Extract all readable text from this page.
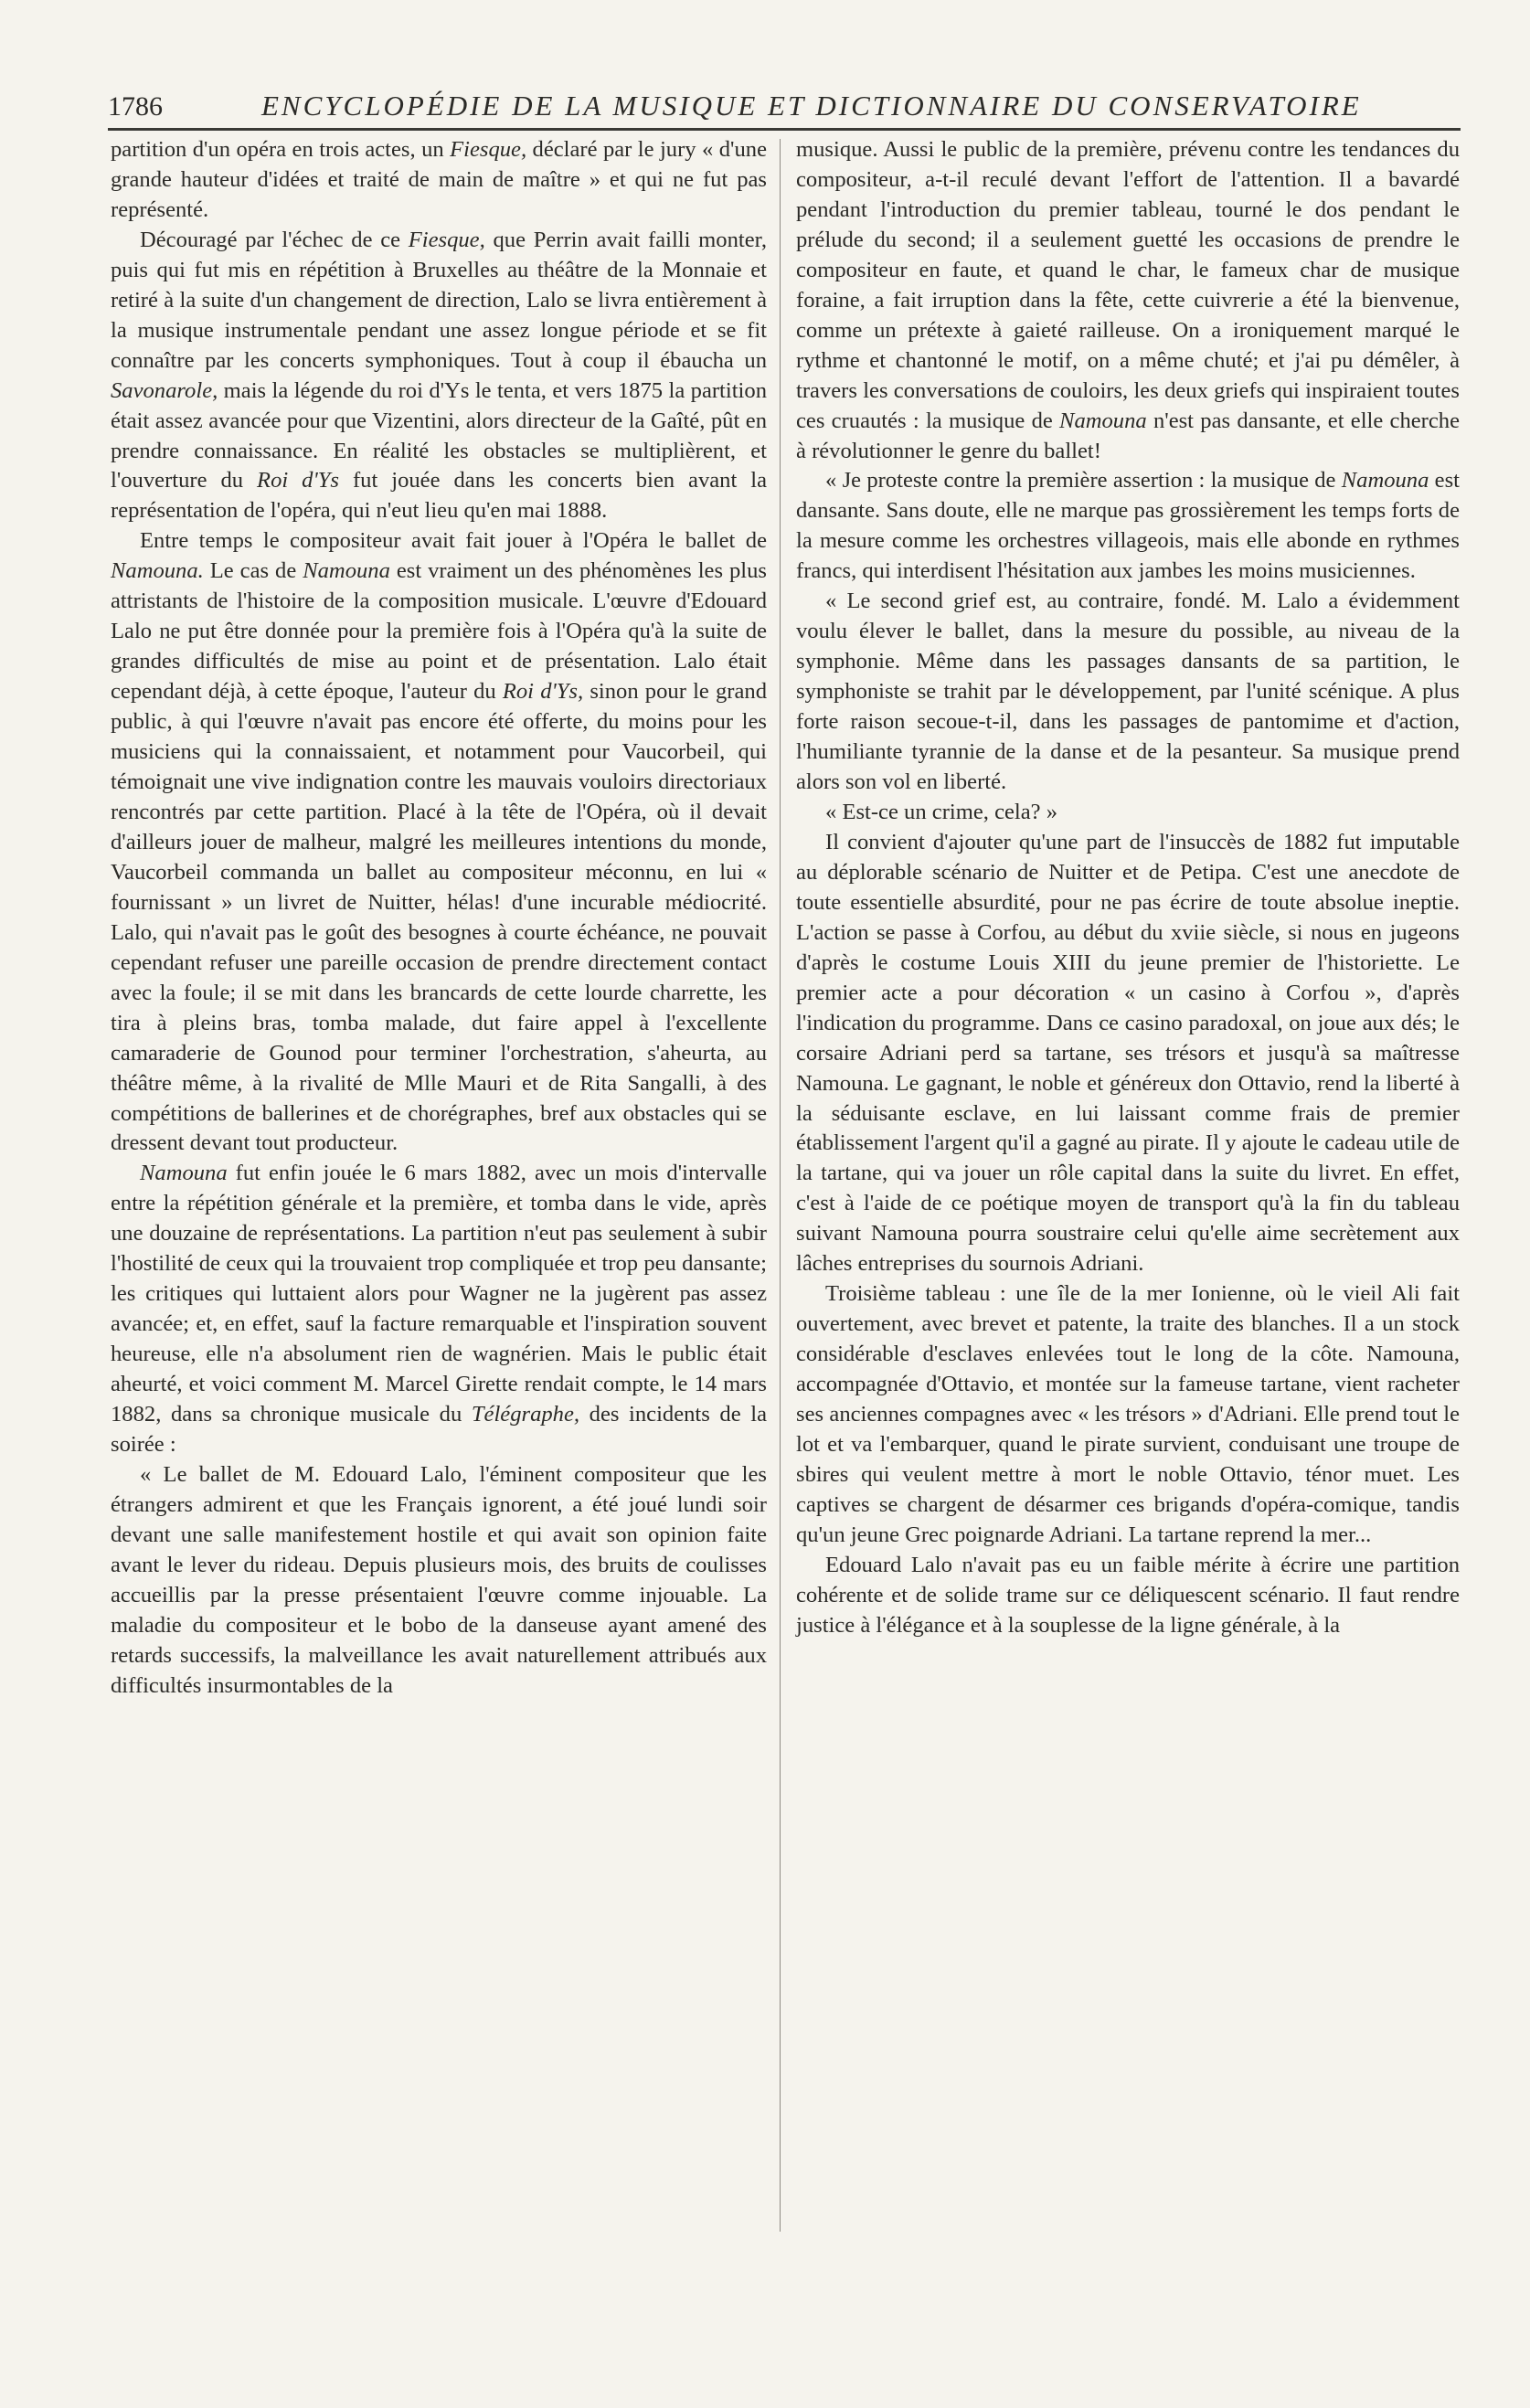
1786	ENCYCLOPÉDIE DE LA MUSIQUE ET DICTIONNAIRE DU CONSERVATOIRE

partition d'un opéra en trois actes, un Fiesque, déclaré par le jury « d'une grande hauteur d'idées et traité de main de maître » et qui ne fut pas représenté.

Découragé par l'échec de ce Fiesque, que Perrin avait failli monter, puis qui fut mis en répétition à Bruxelles au théâtre de la Monnaie et retiré à la suite d'un changement de direction, Lalo se livra entièrement à la musique instrumentale pendant une assez longue période et se fit connaître par les concerts symphoniques. Tout à coup il ébaucha un Savonarole, mais la légende du roi d'Ys le tenta, et vers 1875 la partition était assez avancée pour que Vizentini, alors directeur de la Gaîté, pût en prendre connaissance. En réalité les obstacles se multiplièrent, et l'ouverture du Roi d'Ys fut jouée dans les concerts bien avant la représentation de l'opéra, qui n'eut lieu qu'en mai 1888.

Entre temps le compositeur avait fait jouer à l'Opéra le ballet de Namouna. Le cas de Namouna est vraiment un des phénomènes les plus attristants de l'histoire de la composition musicale. L'œuvre d'Edouard Lalo ne put être donnée pour la première fois à l'Opéra qu'à la suite de grandes difficultés de mise au point et de présentation. Lalo était cependant déjà, à cette époque, l'auteur du Roi d'Ys, sinon pour le grand public, à qui l'œuvre n'avait pas encore été offerte, du moins pour les musiciens qui la connaissaient, et notamment pour Vaucorbeil, qui témoignait une vive indignation contre les mauvais vouloirs directoriaux rencontrés par cette partition. Placé à la tête de l'Opéra, où il devait d'ailleurs jouer de malheur, malgré les meilleures intentions du monde, Vaucorbeil commanda un ballet au compositeur méconnu, en lui « fournissant » un livret de Nuitter, hélas! d'une incurable médiocrité. Lalo, qui n'avait pas le goût des besognes à courte échéance, ne pouvait cependant refuser une pareille occasion de prendre directement contact avec la foule; il se mit dans les brancards de cette lourde charrette, les tira à pleins bras, tomba malade, dut faire appel à l'excellente camaraderie de Gounod pour terminer l'orchestration, s'aheurta, au théâtre même, à la rivalité de Mlle Mauri et de Rita Sangalli, à des compétitions de ballerines et de chorégraphes, bref aux obstacles qui se dressent devant tout producteur.

Namouna fut enfin jouée le 6 mars 1882, avec un mois d'intervalle entre la répétition générale et la première, et tomba dans le vide, après une douzaine de représentations. La partition n'eut pas seulement à subir l'hostilité de ceux qui la trouvaient trop compliquée et trop peu dansante; les critiques qui luttaient alors pour Wagner ne la jugèrent pas assez avancée; et, en effet, sauf la facture remarquable et l'inspiration souvent heureuse, elle n'a absolument rien de wagnérien. Mais le public était aheurté, et voici comment M. Marcel Girette rendait compte, le 14 mars 1882, dans sa chronique musicale du Télégraphe, des incidents de la soirée :

« Le ballet de M. Edouard Lalo, l'éminent compositeur que les étrangers admirent et que les Français ignorent, a été joué lundi soir devant une salle manifestement hostile et qui avait son opinion faite avant le lever du rideau. Depuis plusieurs mois, des bruits de coulisses accueillis par la presse présentaient l'œuvre comme injouable. La maladie du compositeur et le bobo de la danseuse ayant amené des retards successifs, la malveillance les avait naturellement attribués aux difficultés insurmontables de la

musique. Aussi le public de la première, prévenu contre les tendances du compositeur, a-t-il reculé devant l'effort de l'attention. Il a bavardé pendant l'introduction du premier tableau, tourné le dos pendant le prélude du second; il a seulement guetté les occasions de prendre le compositeur en faute, et quand le char, le fameux char de musique foraine, a fait irruption dans la fête, cette cuivrerie a été la bienvenue, comme un prétexte à gaieté railleuse. On a ironiquement marqué le rythme et chantonné le motif, on a même chuté; et j'ai pu démêler, à travers les conversations de couloirs, les deux griefs qui inspiraient toutes ces cruautés : la musique de Namouna n'est pas dansante, et elle cherche à révolutionner le genre du ballet!

« Je proteste contre la première assertion : la musique de Namouna est dansante. Sans doute, elle ne marque pas grossièrement les temps forts de la mesure comme les orchestres villageois, mais elle abonde en rythmes francs, qui interdisent l'hésitation aux jambes les moins musiciennes.

« Le second grief est, au contraire, fondé. M. Lalo a évidemment voulu élever le ballet, dans la mesure du possible, au niveau de la symphonie. Même dans les passages dansants de sa partition, le symphoniste se trahit par le développement, par l'unité scénique. A plus forte raison secoue-t-il, dans les passages de pantomime et d'action, l'humiliante tyrannie de la danse et de la pesanteur. Sa musique prend alors son vol en liberté.

« Est-ce un crime, cela? »

Il convient d'ajouter qu'une part de l'insuccès de 1882 fut imputable au déplorable scénario de Nuitter et de Petipa. C'est une anecdote de toute essentielle absurdité, pour ne pas écrire de toute absolue ineptie. L'action se passe à Corfou, au début du xviie siècle, si nous en jugeons d'après le costume Louis XIII du jeune premier de l'historiette. Le premier acte a pour décoration « un casino à Corfou », d'après l'indication du programme. Dans ce casino paradoxal, on joue aux dés; le corsaire Adriani perd sa tartane, ses trésors et jusqu'à sa maîtresse Namouna. Le gagnant, le noble et généreux don Ottavio, rend la liberté à la séduisante esclave, en lui laissant comme frais de premier établissement l'argent qu'il a gagné au pirate. Il y ajoute le cadeau utile de la tartane, qui va jouer un rôle capital dans la suite du livret. En effet, c'est à l'aide de ce poétique moyen de transport qu'à la fin du tableau suivant Namouna pourra soustraire celui qu'elle aime secrètement aux lâches entreprises du sournois Adriani.

Troisième tableau : une île de la mer Ionienne, où le vieil Ali fait ouvertement, avec brevet et patente, la traite des blanches. Il a un stock considérable d'esclaves enlevées tout le long de la côte. Namouna, accompagnée d'Ottavio, et montée sur la fameuse tartane, vient racheter ses anciennes compagnes avec « les trésors » d'Adriani. Elle prend tout le lot et va l'embarquer, quand le pirate survient, conduisant une troupe de sbires qui veulent mettre à mort le noble Ottavio, ténor muet. Les captives se chargent de désarmer ces brigands d'opéra-comique, tandis qu'un jeune Grec poignarde Adriani. La tartane reprend la mer...

Edouard Lalo n'avait pas eu un faible mérite à écrire une partition cohérente et de solide trame sur ce déliquescent scénario. Il faut rendre justice à l'élégance et à la souplesse de la ligne générale, à la
